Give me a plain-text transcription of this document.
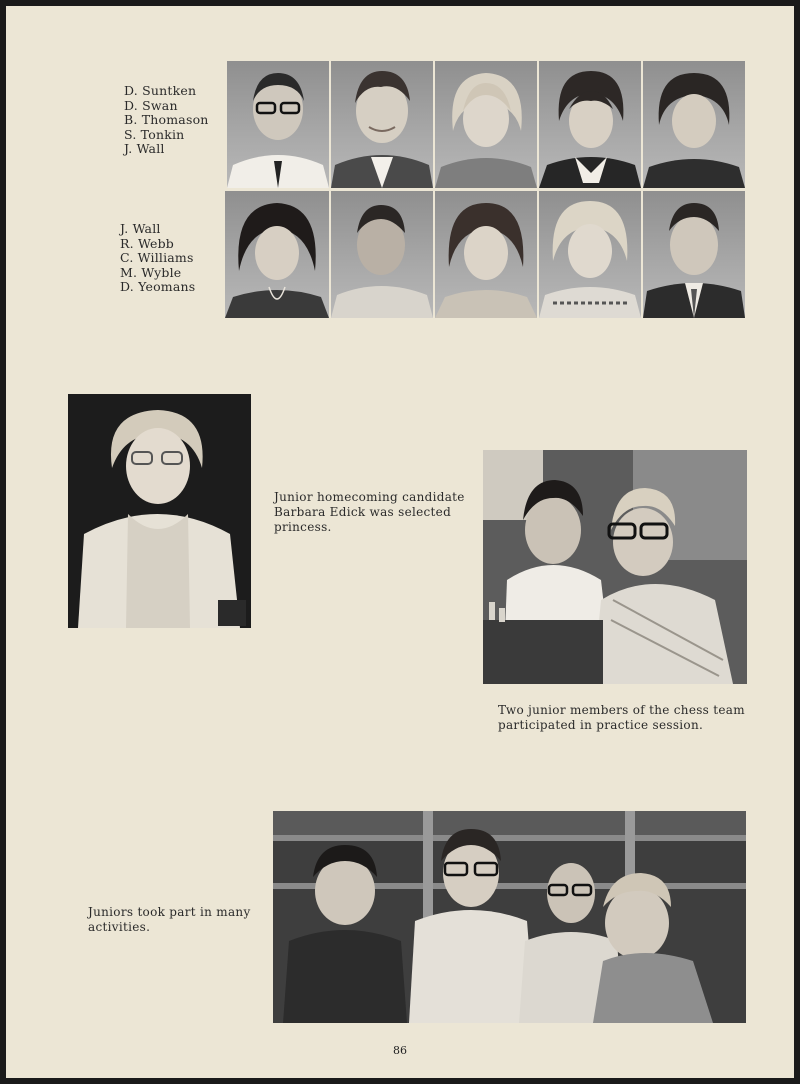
D. Suntken
D. Swan
B. Thomason
S. Tonkin
J. Wall
J. Wall
R. Webb
C. Williams
M. Wyble
D. Yeomans
Junior homecoming candidate
Barbara Edick was selected
princess.
Two junior members of the chess team
participated in practice session.
Juniors took part in many
activities.
86
